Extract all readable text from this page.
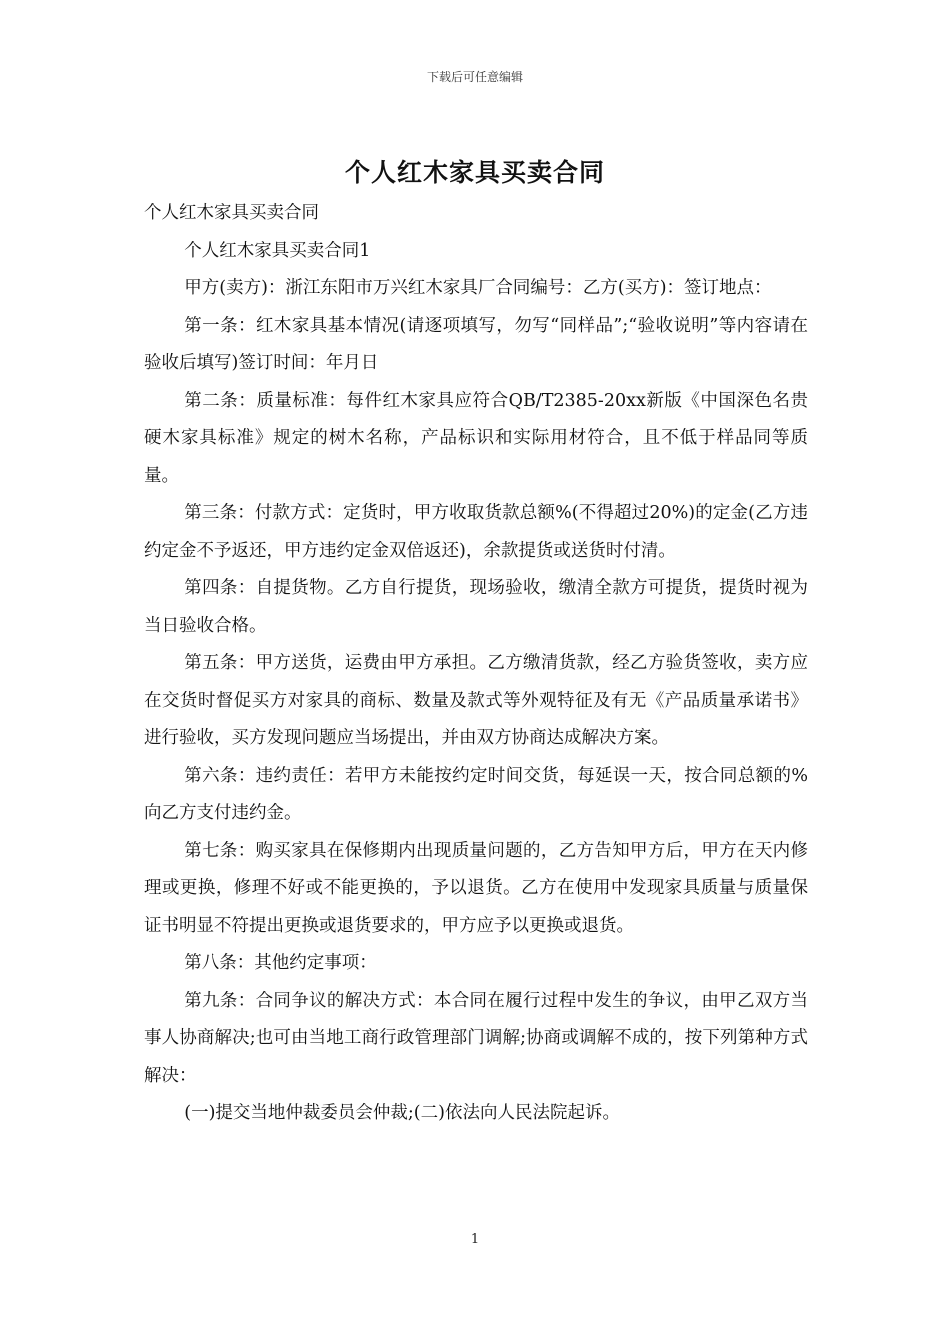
下载后可任意编辑
个人红木家具买卖合同

个人红木家具买卖合同

个人红木家具买卖合同1

甲方(卖方)：浙江东阳市万兴红木家具厂合同编号：乙方(买方)：签订地点：

第一条：红木家具基本情况(请逐项填写，勿写“同样品”;“验收说明”等内容请在验收后填写)签订时间：年月日

第二条：质量标准：每件红木家具应符合QB/T2385-20xx新版《中国深色名贵硬木家具标准》规定的树木名称，产品标识和实际用材符合，且不低于样品同等质量。

第三条：付款方式：定货时，甲方收取货款总额%(不得超过20%)的定金(乙方违约定金不予返还，甲方违约定金双倍返还)，余款提货或送货时付清。

第四条：自提货物。乙方自行提货，现场验收，缴清全款方可提货，提货时视为当日验收合格。

第五条：甲方送货，运费由甲方承担。乙方缴清货款，经乙方验货签收，卖方应在交货时督促买方对家具的商标、数量及款式等外观特征及有无《产品质量承诺书》进行验收，买方发现问题应当场提出，并由双方协商达成解决方案。

第六条：违约责任：若甲方未能按约定时间交货，每延误一天，按合同总额的%向乙方支付违约金。

第七条：购买家具在保修期内出现质量问题的，乙方告知甲方后，甲方在天内修理或更换，修理不好或不能更换的，予以退货。乙方在使用中发现家具质量与质量保证书明显不符提出更换或退货要求的，甲方应予以更换或退货。

第八条：其他约定事项：

第九条：合同争议的解决方式：本合同在履行过程中发生的争议，由甲乙双方当事人协商解决;也可由当地工商行政管理部门调解;协商或调解不成的，按下列第种方式解决：

(一)提交当地仲裁委员会仲裁;(二)依法向人民法院起诉。

1
